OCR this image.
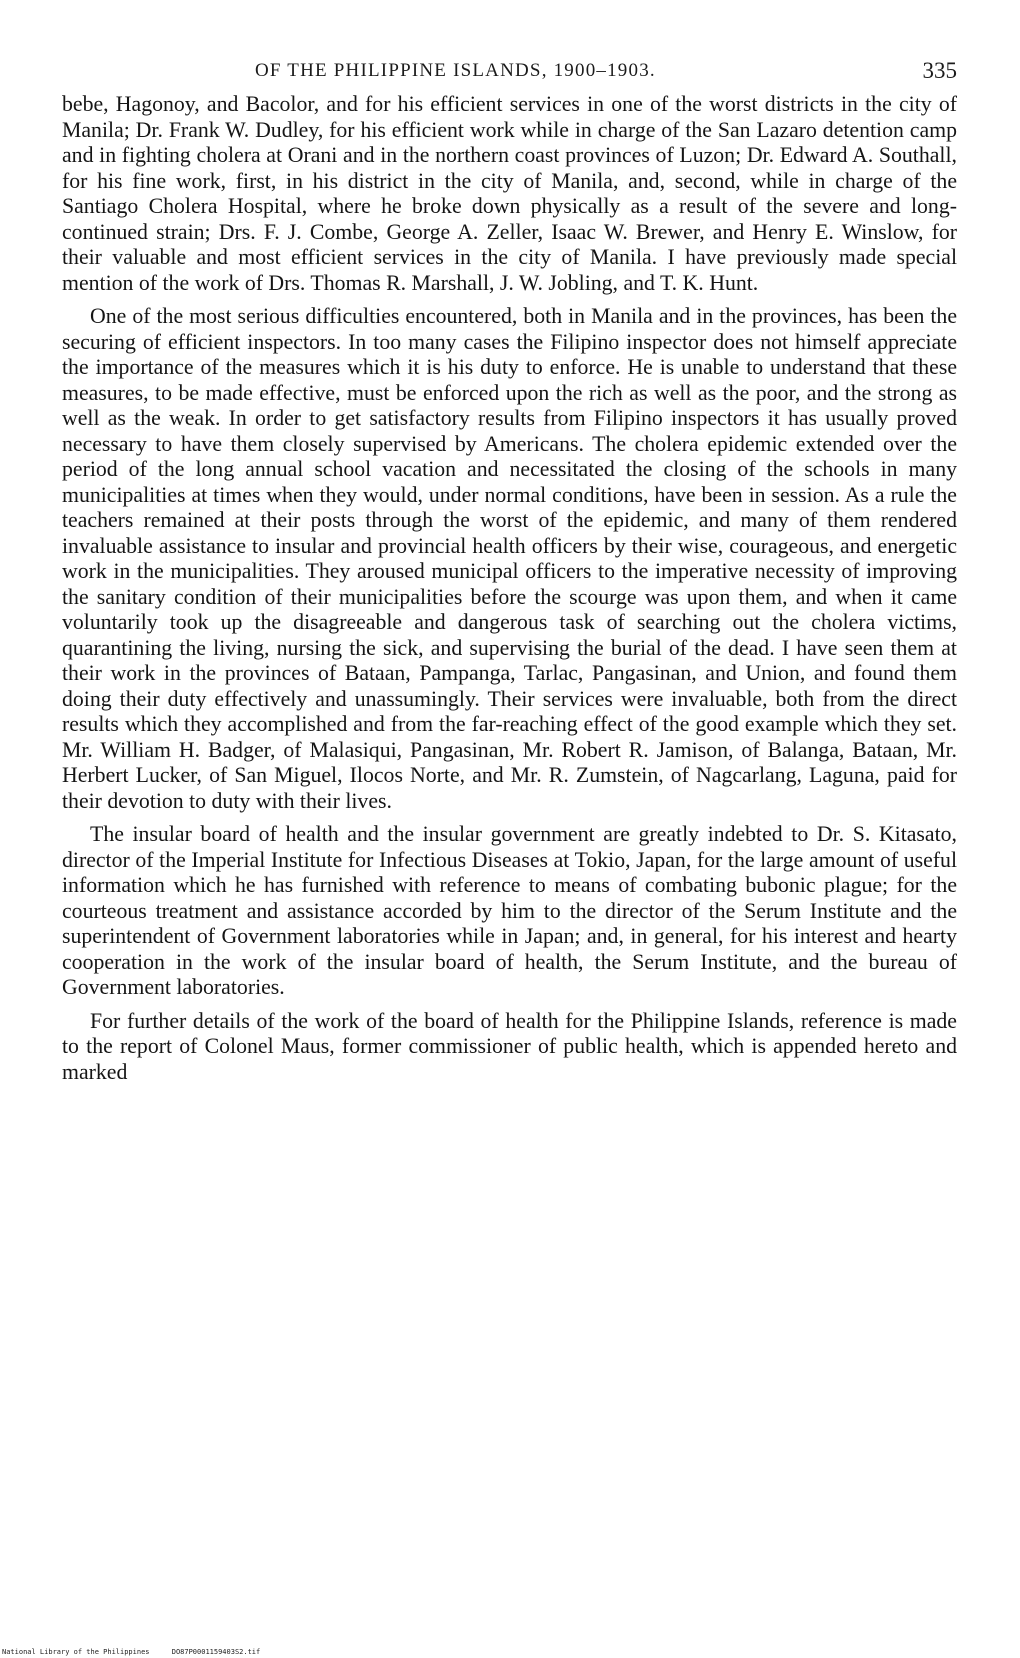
OF THE PHILIPPINE ISLANDS, 1900–1903.	335

bebe, Hagonoy, and Bacolor, and for his efficient services in one of the worst districts in the city of Manila; Dr. Frank W. Dudley, for his efficient work while in charge of the San Lazaro detention camp and in fighting cholera at Orani and in the northern coast provinces of Luzon; Dr. Edward A. Southall, for his fine work, first, in his district in the city of Manila, and, second, while in charge of the Santiago Cholera Hospital, where he broke down physically as a result of the severe and long-continued strain; Drs. F. J. Combe, George A. Zeller, Isaac W. Brewer, and Henry E. Winslow, for their valuable and most efficient services in the city of Manila. I have previously made special mention of the work of Drs. Thomas R. Marshall, J. W. Jobling, and T. K. Hunt.

One of the most serious difficulties encountered, both in Manila and in the provinces, has been the securing of efficient inspectors. In too many cases the Filipino inspector does not himself appreciate the importance of the measures which it is his duty to enforce. He is unable to understand that these measures, to be made effective, must be enforced upon the rich as well as the poor, and the strong as well as the weak. In order to get satisfactory results from Filipino inspectors it has usually proved necessary to have them closely supervised by Americans. The cholera epidemic extended over the period of the long annual school vacation and necessitated the closing of the schools in many municipalities at times when they would, under normal conditions, have been in session. As a rule the teachers remained at their posts through the worst of the epidemic, and many of them rendered invaluable assistance to insular and provincial health officers by their wise, courageous, and energetic work in the municipalities. They aroused municipal officers to the imperative necessity of improving the sanitary condition of their municipalities before the scourge was upon them, and when it came voluntarily took up the disagreeable and dangerous task of searching out the cholera victims, quarantining the living, nursing the sick, and supervising the burial of the dead. I have seen them at their work in the provinces of Bataan, Pampanga, Tarlac, Pangasinan, and Union, and found them doing their duty effectively and unassumingly. Their services were invaluable, both from the direct results which they accomplished and from the far-reaching effect of the good example which they set. Mr. William H. Badger, of Malasiqui, Pangasinan, Mr. Robert R. Jamison, of Balanga, Bataan, Mr. Herbert Lucker, of San Miguel, Ilocos Norte, and Mr. R. Zumstein, of Nagcarlang, Laguna, paid for their devotion to duty with their lives.

The insular board of health and the insular government are greatly indebted to Dr. S. Kitasato, director of the Imperial Institute for Infectious Diseases at Tokio, Japan, for the large amount of useful information which he has furnished with reference to means of combating bubonic plague; for the courteous treatment and assistance accorded by him to the director of the Serum Institute and the superintendent of Government laboratories while in Japan; and, in general, for his interest and hearty cooperation in the work of the insular board of health, the Serum Institute, and the bureau of Government laboratories.

For further details of the work of the board of health for the Philippine Islands, reference is made to the report of Colonel Maus, former commissioner of public health, which is appended hereto and marked

National Library of the Philippines	DO87P0001159403S2.tif
